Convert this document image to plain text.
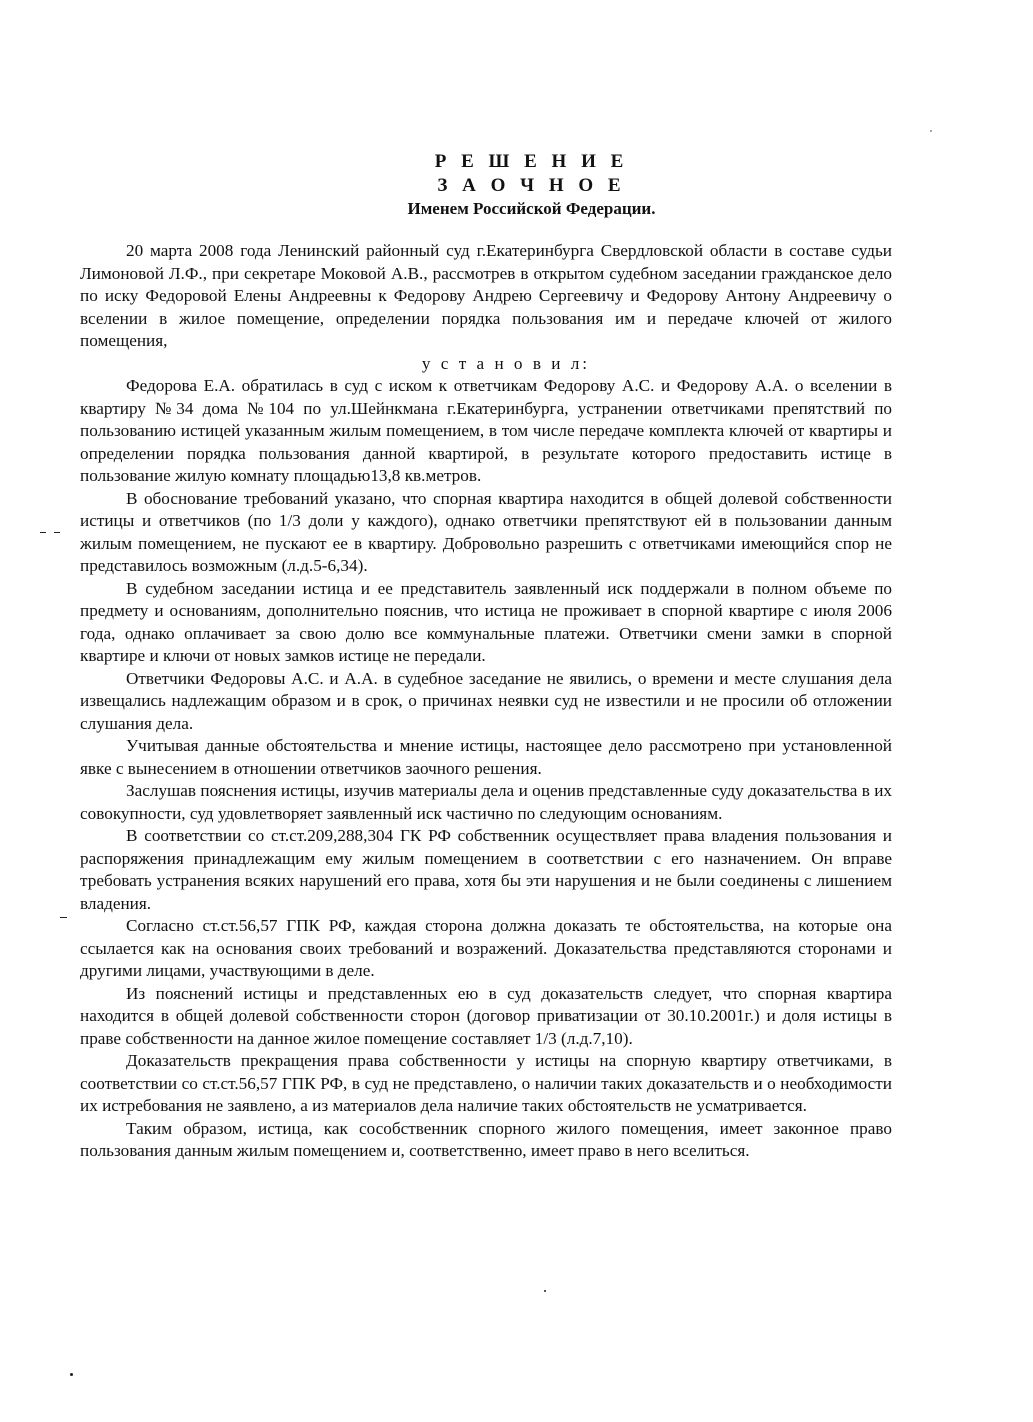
Р Е Ш Е Н И Е
З А О Ч Н О Е
Именем Российской Федерации.

20 марта 2008 года Ленинский районный суд г.Екатеринбурга Свердловской области в составе судьи Лимоновой Л.Ф., при секретаре Моковой А.В., рассмотрев в открытом судебном заседании гражданское дело по иску Федоровой Елены Андреевны к Федорову Андрею Сергеевичу и Федорову Антону Андреевичу о вселении в жилое помещение, определении порядка пользования им и передаче ключей от жилого помещения,

у с т а н о в и л:

Федорова Е.А. обратилась в суд с иском к ответчикам Федорову А.С. и Федорову А.А. о вселении в квартиру №34 дома №104 по ул.Шейнкмана г.Екатеринбурга, устранении ответчиками препятствий по пользованию истицей указанным жилым помещением, в том числе передаче комплекта ключей от квартиры и определении порядка пользования данной квартирой, в результате которого предоставить истице в пользование жилую комнату площадью13,8 кв.метров.

В обоснование требований указано, что спорная квартира находится в общей долевой собственности истицы и ответчиков (по 1/3 доли у каждого), однако ответчики препятствуют ей в пользовании данным жилым помещением, не пускают ее в квартиру. Добровольно разрешить с ответчиками имеющийся спор не представилось возможным (л.д.5-6,34).

В судебном заседании истица и ее представитель заявленный иск поддержали в полном объеме по предмету и основаниям, дополнительно пояснив, что истица не проживает в спорной квартире с июля 2006 года, однако оплачивает за свою долю все коммунальные платежи. Ответчики смени замки в спорной квартире и ключи от новых замков истице не передали.

Ответчики Федоровы А.С. и А.А. в судебное заседание не явились, о времени и месте слушания дела извещались надлежащим образом и в срок, о причинах неявки суд не известили и не просили об отложении слушания дела.

Учитывая данные обстоятельства и мнение истицы, настоящее дело рассмотрено при установленной явке с вынесением в отношении ответчиков заочного решения.

Заслушав пояснения истицы, изучив материалы дела и оценив представленные суду доказательства в их совокупности, суд удовлетворяет заявленный иск частично по следующим основаниям.

В соответствии со ст.ст.209,288,304 ГК РФ собственник осуществляет права владения пользования и распоряжения принадлежащим ему жилым помещением в соответствии с его назначением. Он вправе требовать устранения всяких нарушений его права, хотя бы эти нарушения и не были соединены с лишением владения.

Согласно ст.ст.56,57 ГПК РФ, каждая сторона должна доказать те обстоятельства, на которые она ссылается как на основания своих требований и возражений. Доказательства представляются сторонами и другими лицами, участвующими в деле.

Из пояснений истицы и представленных ею в суд доказательств следует, что спорная квартира находится в общей долевой собственности сторон (договор приватизации от 30.10.2001г.) и доля истицы в праве собственности на данное жилое помещение составляет 1/3 (л.д.7,10).

Доказательств прекращения права собственности у истицы на спорную квартиру ответчиками, в соответствии со ст.ст.56,57 ГПК РФ, в суд не представлено, о наличии таких доказательств и о необходимости их истребования не заявлено, а из материалов дела наличие таких обстоятельств не усматривается.

Таким образом, истица, как сособственник спорного жилого помещения, имеет законное право пользования данным жилым помещением и, соответственно, имеет право в него вселиться.
